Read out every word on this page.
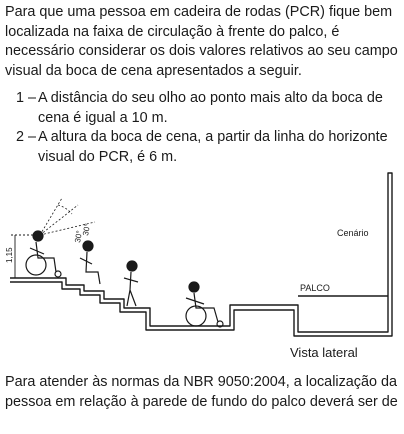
Para que uma pessoa em cadeira de rodas (PCR) fique bem localizada na faixa de circulação à frente do palco, é necessário considerar os dois valores relativos ao seu campo visual da boca de cena apresentados a seguir.

1 – A distância do seu olho ao ponto mais alto da boca de cena é igual a 10 m.
2 – A altura da boca de cena, a partir da linha do horizonte visual do PCR, é 6 m.
1,15
30°
30°	Cenário
PALCO
Vista lateral

Para atender às normas da NBR 9050:2004, a localização da pessoa em relação à parede de fundo do palco deverá ser de
